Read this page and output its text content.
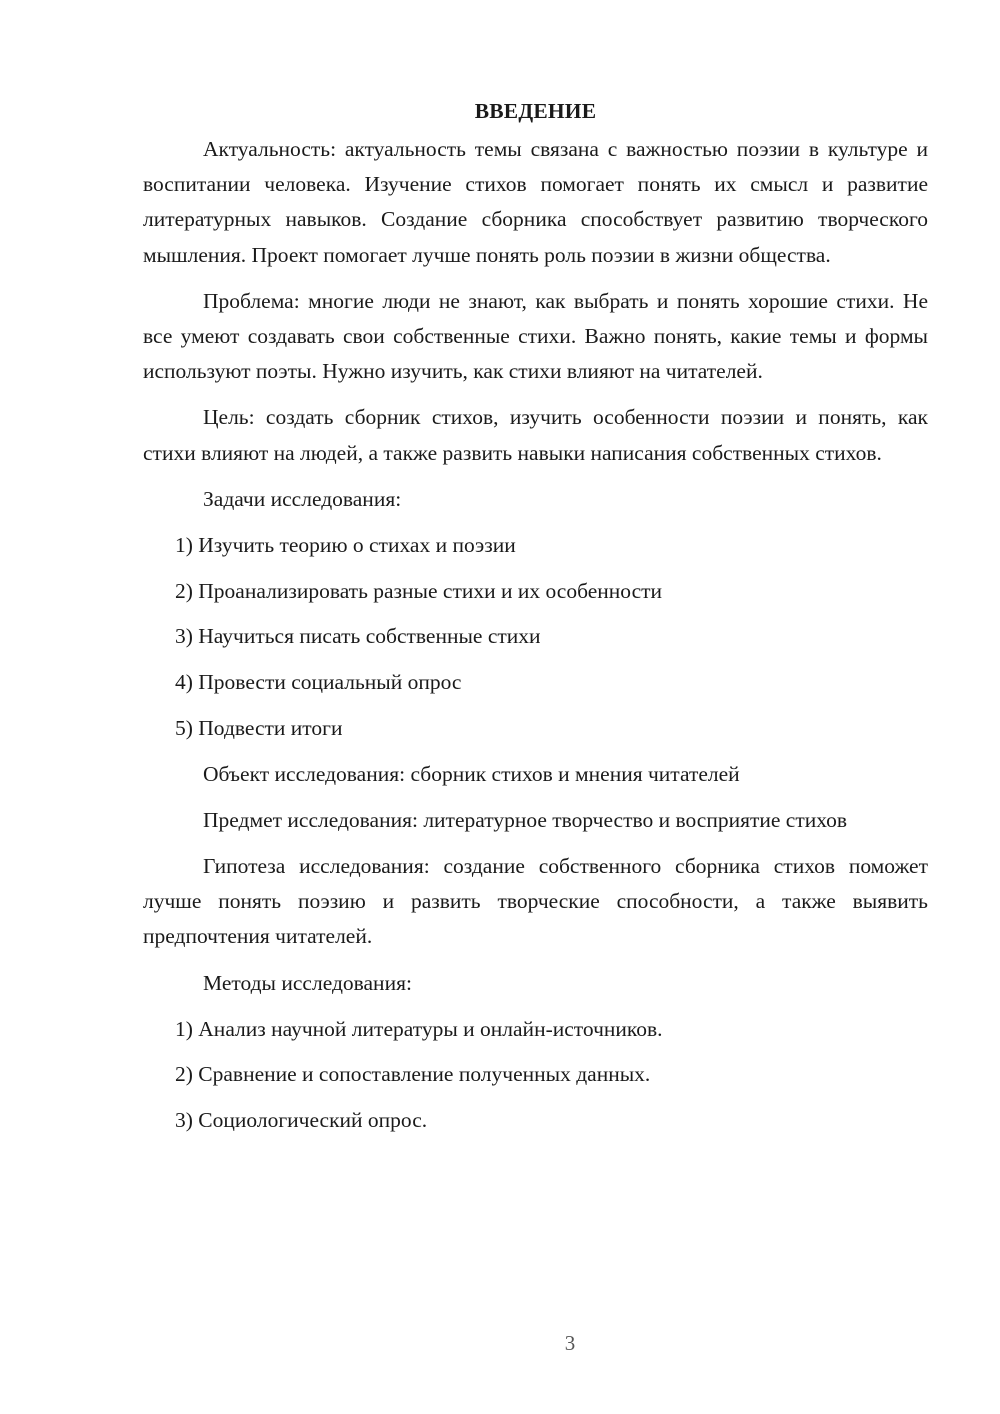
ВВЕДЕНИЕ

Актуальность: актуальность темы связана с важностью поэзии в культуре и воспитании человека. Изучение стихов помогает понять их смысл и развитие литературных навыков. Создание сборника способствует развитию творческого мышления. Проект помогает лучше понять роль поэзии в жизни общества.

Проблема: многие люди не знают, как выбрать и понять хорошие стихи. Не все умеют создавать свои собственные стихи. Важно понять, какие темы и формы используют поэты. Нужно изучить, как стихи влияют на читателей.

Цель: создать сборник стихов, изучить особенности поэзии и понять, как стихи влияют на людей, а также развить навыки написания собственных стихов.

Задачи исследования:

1) Изучить теорию о стихах и поэзии
2) Проанализировать разные стихи и их особенности
3) Научиться писать собственные стихи
4) Провести социальный опрос
5) Подвести итоги

Объект исследования: сборник стихов и мнения читателей

Предмет исследования: литературное творчество и восприятие стихов

Гипотеза исследования: создание собственного сборника стихов поможет лучше понять поэзию и развить творческие способности, а также выявить предпочтения читателей.

Методы исследования:

1) Анализ научной литературы и онлайн-источников.
2) Сравнение и сопоставление полученных данных.
3) Социологический опрос.
3
